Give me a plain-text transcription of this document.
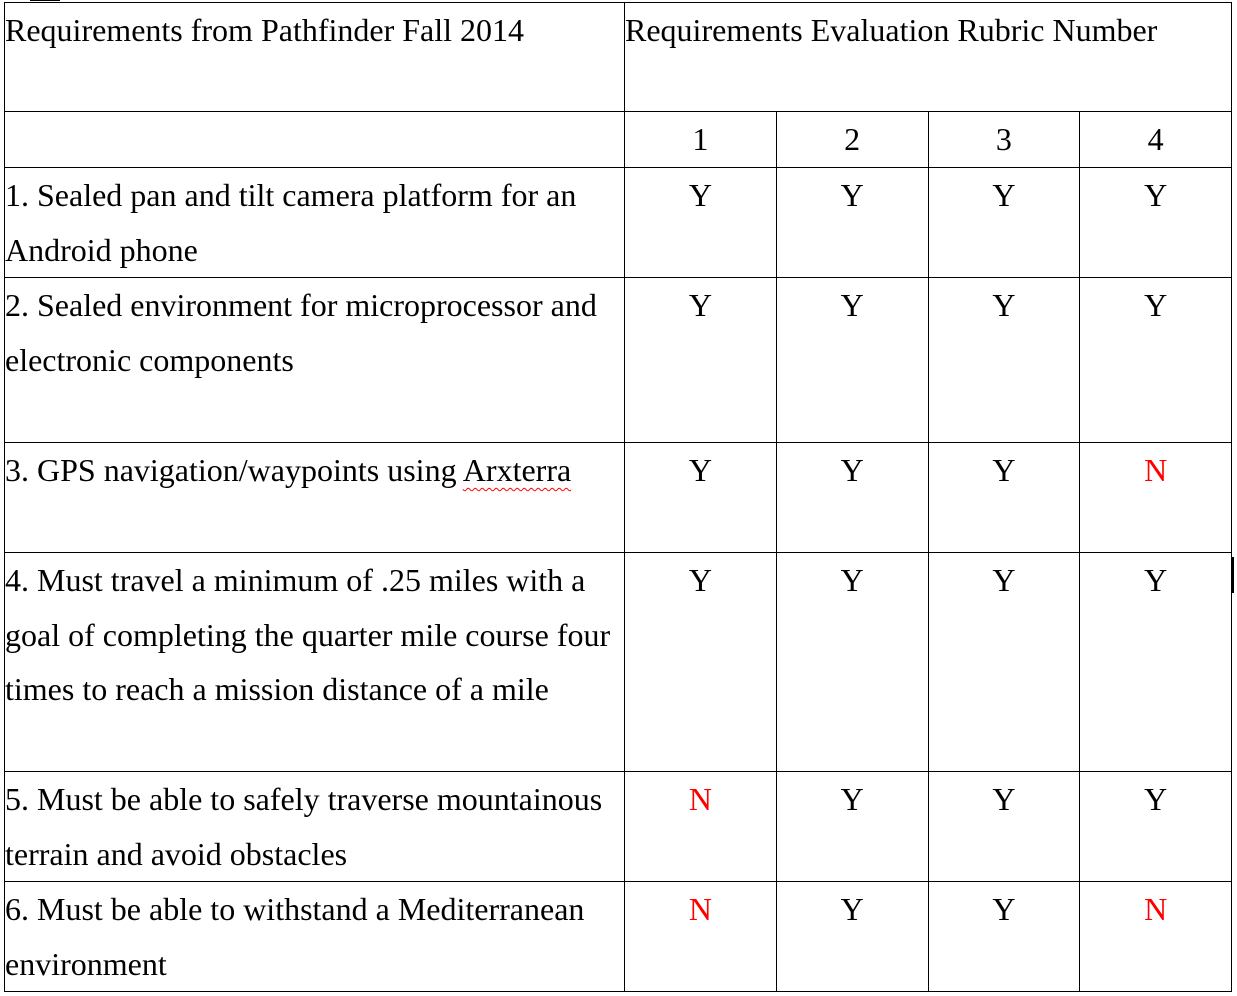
Requirements from Pathfinder Fall 2014	Requirements Evaluation Rubric Number			
	1	2	3	4
1. Sealed pan and tilt camera platform for an Android phone	Y	Y	Y	Y
2. Sealed environment for microprocessor and electronic components	Y	Y	Y	Y
3. GPS navigation/waypoints using Arxterra	Y	Y	Y	N
4. Must travel a minimum of .25 miles with a goal of completing the quarter mile course four times to reach a mission distance of a mile	Y	Y	Y	Y
5. Must be able to safely traverse mountainous terrain and avoid obstacles	N	Y	Y	Y
6. Must be able to withstand a Mediterranean environment	N	Y	Y	N
